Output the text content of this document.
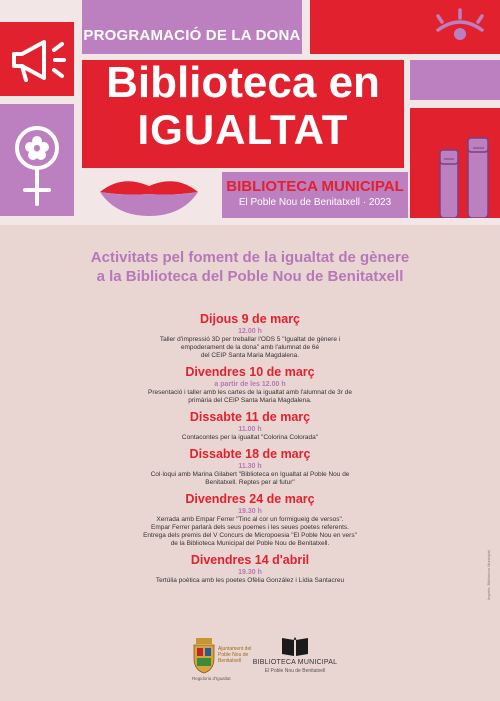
PROGRAMACIÓ DE LA DONA
Biblioteca en
IGUALTAT
BIBLIOTECA MUNICIPAL
El Poble Nou de Benitatxell · 2023
Activitats pel foment de la igualtat de gènere
a la Biblioteca del Poble Nou de Benitatxell
Dijous 9 de març
12.00 h
Taller d'impressió 3D per treballar l'ODS 5 "Igualtat de gènere i
empoderament de la dona" amb l'alumnat de 6é
del CEIP Santa Maria Magdalena.
Divendres 10 de març
a partir de les 12.00 h
Presentació i taller amb les cartes de la igualtat amb l'alumnat de 3r de
primària del CEIP Santa Maria Magdalena.
Dissabte 11 de març
11.00 h
Contacontes per la igualtat "Colorina Colorada"
Dissabte 18 de març
11.30 h
Col·loqui amb Marina Gilabert "Biblioteca en Igualtat al Poble Nou de
Benitatxell. Reptes per al futur"
Divendres 24 de març
19.30 h
Xerrada amb Empar Ferrer "Tinc al cor un formigueig de versos".
Empar Ferrer parlarà dels seus poemes i les seues poetes referents.
Entrega dels premis del V Concurs de Micropoesia "El Poble Nou en vers"
de la Biblioteca Municipal del Poble Nou de Benitatxell.
Divendres 14 d'abril
19.30 h
Tertúlia poètica amb les poetes Ofèlia González i Lídia Santacreu	Imprès: Biblioteca Municipal
Ajuntament del
Poble Nou de
Benitatxell
Regidoria d'Igualtat
BIBLIOTECA MUNICIPAL
El Poble Nou de Benitatxell
